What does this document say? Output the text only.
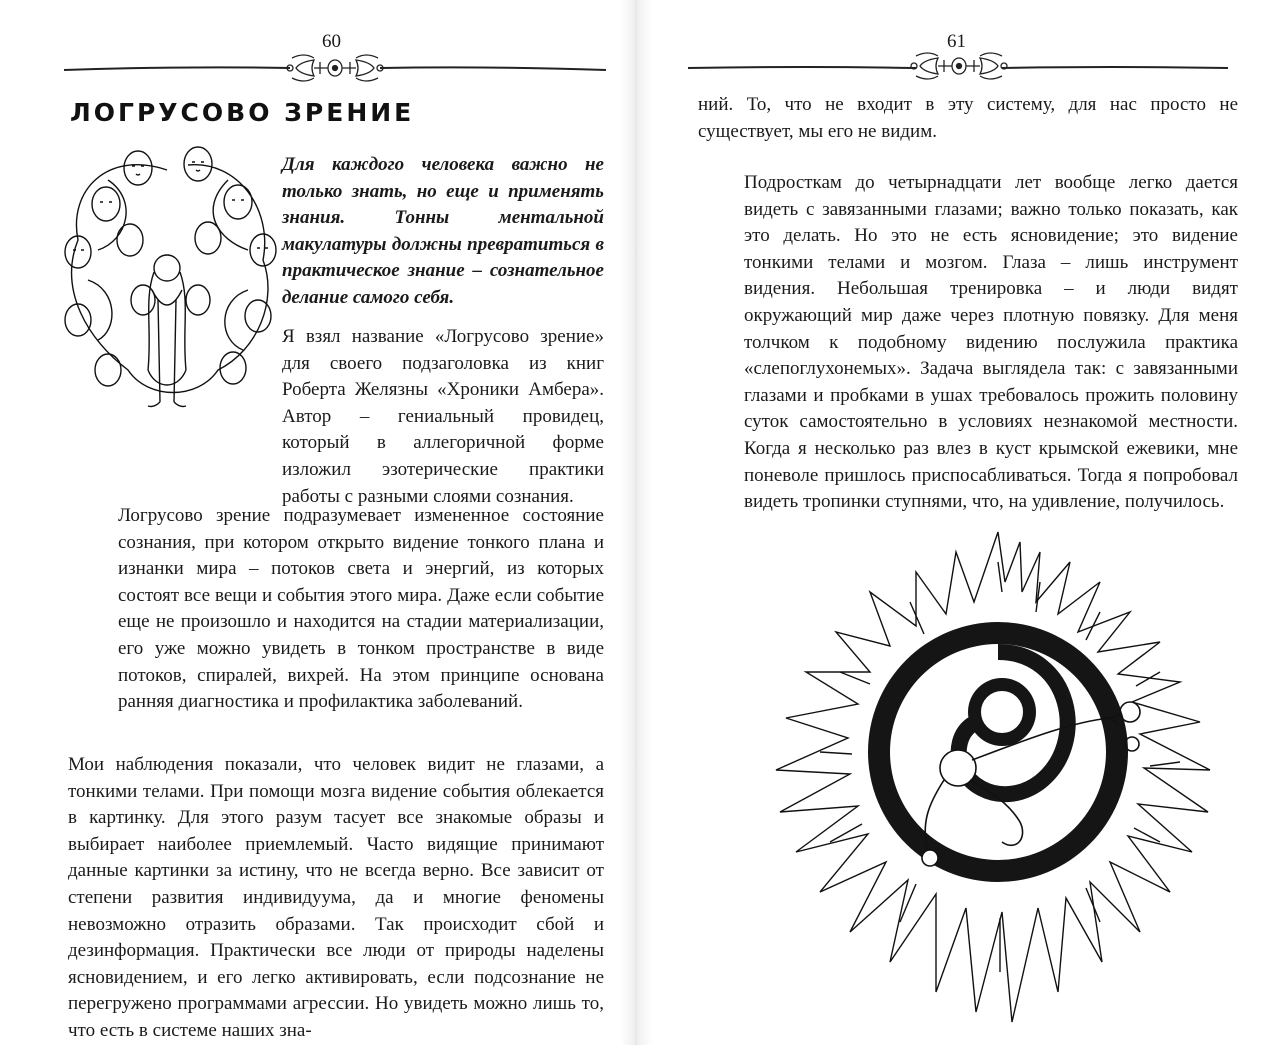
60
ЛОГРУСОВО ЗРЕНИЕ

Для каждого человека важно не только знать, но еще и применять знания. Тонны ментальной макулатуры должны превратиться в практическое знание – сознательное делание самого себя.

Я взял название «Логрусово зрение» для своего подзаголовка из книг Роберта Желязны «Хроники Амбера». Автор – гениальный провидец, который в аллегоричной форме изложил эзотерические практики работы с разными слоями сознания.

Логрусово зрение подразумевает измененное состояние сознания, при котором открыто видение тонкого плана и изнанки мира – потоков света и энергий, из которых состоят все вещи и события этого мира. Даже если событие еще не произошло и находится на стадии материализации, его уже можно увидеть в тонком пространстве в виде потоков, спиралей, вихрей. На этом принципе основана ранняя диагностика и профилактика заболеваний.

Мои наблюдения показали, что человек видит не глазами, а тонкими телами. При помощи мозга видение события облекается в картинку. Для этого разум тасует все знакомые образы и выбирает наиболее приемлемый. Часто видящие принимают данные картинки за истину, что не всегда верно. Все зависит от степени развития индивидуума, да и многие феномены невозможно отразить образами. Так происходит сбой и дезинформация. Практически все люди от природы наделены ясновидением, и его легко активировать, если подсознание не перегружено программами агрессии. Но увидеть можно лишь то, что есть в системе наших зна-

61

ний. То, что не входит в эту систему, для нас просто не существует, мы его не видим.

Подросткам до четырнадцати лет вообще легко дается видеть с завязанными глазами; важно только показать, как это делать. Но это не есть ясновидение; это видение тонкими телами и мозгом. Глаза – лишь инструмент видения. Небольшая тренировка – и люди видят окружающий мир даже через плотную повязку. Для меня толчком к подобному видению послужила практика «слепоглухонемых». Задача выглядела так: с завязанными глазами и пробками в ушах требовалось прожить половину суток самостоятельно в условиях незнакомой местности. Когда я несколько раз влез в куст крымской ежевики, мне поневоле пришлось приспосабливаться. Тогда я попробовал видеть тропинки ступнями, что, на удивление, получилось.
